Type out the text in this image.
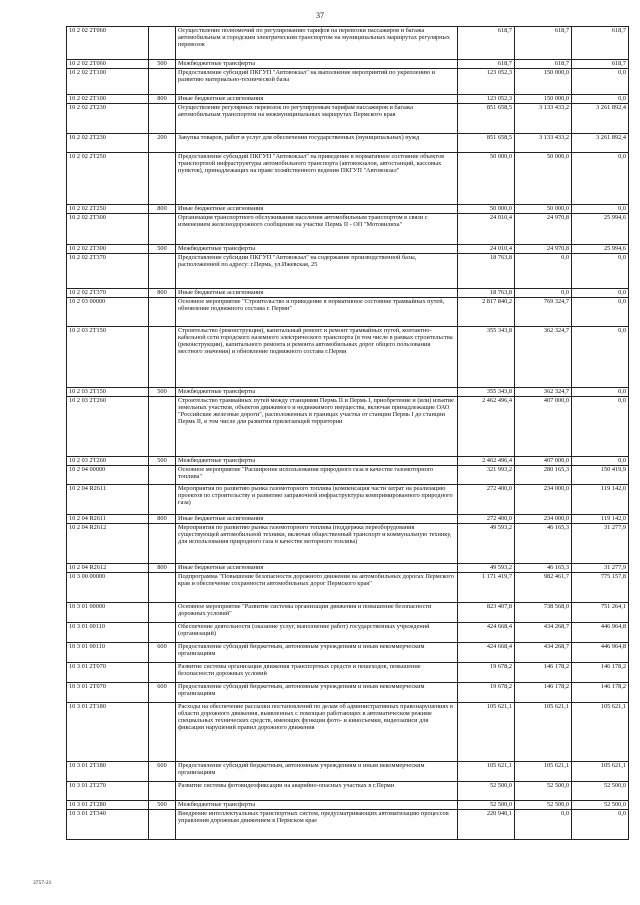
37
10 2 02 2T060		Осуществление полномочий по регулированию тарифов на перевозки пассажиров и багажа автомобильным и городским электрическим транспортом на муниципальных маршрутах регулярных перевозок	618,7	618,7	618,7
10 2 02 2T060	500	Межбюджетные трансферты	618,7	618,7	618,7
10 2 02 2T100		Предоставление субсидий ПКГУП "Автовокзал" на выполнение мероприятий по укреплению и развитию материально-технической базы	123 052,3	150 000,0	0,0
10 2 02 2T100	800	Иные бюджетные ассигнования	123 052,3	150 000,0	0,0
10 2 02 2T230		Осуществление регулярных перевозок по регулируемым тарифам пассажиров и багажа автомобильным транспортом на межмуниципальных маршрутах Пермского края	851 658,5	3 133 433,2	3 261 892,4
10 2 02 2T230	200	Закупка товаров, работ и услуг для обеспечения государственных (муниципальных) нужд	851 658,5	3 133 433,2	3 261 892,4
10 2 02 2T250		Предоставление субсидий ПКГУП "Автовокзал" на приведение в нормативное состояние объектов транспортной инфраструктуры автомобильного транспорта (автовокзалов, автостанций, кассовых пунктов), принадлежащих на праве хозяйственного ведения ПКГУП "Автовокзал"	50 000,0	50 000,0	0,0
10 2 02 2T250	800	Иные бюджетные ассигнования	50 000,0	50 000,0	0,0
10 2 02 2T300		Организация транспортного обслуживания населения автомобильным транспортом в связи с изменением железнодорожного сообщения на участке Пермь II - ОП "Мотовилиха"	24 010,4	24 970,8	25 994,6
10 2 02 2T300	500	Межбюджетные трансферты	24 010,4	24 970,8	25 994,6
10 2 02 2T370		Предоставление субсидии ПКГУП "Автовокзал" на содержание производственной базы, расположенной по адресу: г.Пермь, ул.Ижевская, 25	18 763,8	0,0	0,0
10 2 02 2T370	800	Иные бюджетные ассигнования	18 763,8	0,0	0,0
10 2 03 00000		Основное мероприятие "Строительство и приведение в нормативное состояние трамвайных путей, обновление подвижного состава г. Перми"	2 817 840,2	769 324,7	0,0
10 2 03 2T150		Строительство (реконструкция), капитальный ремонт и ремонт трамвайных путей, контактно-кабельной сети городского наземного электрического транспорта (в том числе в рамках строительства (реконструкции), капитального ремонта и ремонта автомобильных дорог общего пользования местного значения) и обновление подвижного состава г.Перми	355 343,8	362 324,7	0,0
10 2 03 2T150	500	Межбюджетные трансферты	355 343,8	362 324,7	0,0
10 2 03 2T260		Строительство трамвайных путей между станциями Пермь II и Пермь I, приобретение и (или) изъятие земельных участков, объектов движимого и недвижимого имущества, включая принадлежащие ОАО "Российские железные дороги", расположенных в границах участка от станции Пермь I до станции Пермь II, в том числе для развития прилегающей территории	2 462 496,4	407 000,0	0,0
10 2 03 2T260	500	Межбюджетные трансферты	2 462 496,4	407 000,0	0,0
10 2 04 00000		Основное мероприятие "Расширение использования природного газа в качестве газомоторного топлива"	321 993,2	280 165,3	150 419,9
10 2 04 R2611		Мероприятия по развитию рынка газомоторного топлива (компенсация части затрат на реализацию проектов по строительству и развитию заправочной инфраструктуры компримированного природного газа)	272 400,0	234 000,0	119 142,0
10 2 04 R2611	800	Иные бюджетные ассигнования	272 400,0	234 000,0	119 142,0
10 2 04 R2612		Мероприятия по развитию рынка газомоторного топлива (поддержка переоборудования существующей автомобильной техники, включая общественный транспорт и коммунальную технику, для использования природного газа в качестве моторного топлива)	49 593,2	46 165,3	31 277,9
10 2 04 R2612	800	Иные бюджетные ассигнования	49 593,2	46 165,3	31 277,9
10 3 00 00000		Подпрограмма "Повышение безопасности дорожного движения на автомобильных дорогах Пермского края и обеспечение сохранности автомобильных дорог Пермского края"	1 171 419,7	982 461,7	775 157,8
10 3 01 00000		Основное мероприятие "Развитие системы организации движения и повышение безопасности дорожных условий"	823 407,8	738 568,0	751 264,1
10 3 01 00110		Обеспечение деятельности (оказание услуг, выполнение работ) государственных учреждений (организаций)	424 668,4	434 268,7	446 964,8
10 3 01 00110	600	Предоставление субсидий бюджетным, автономным учреждениям и иным некоммерческим организациям	424 668,4	434 268,7	446 964,8
10 3 01 2T070		Развитие системы организации движения транспортных средств и пешеходов, повышение безопасности дорожных условий	19 678,2	146 178,2	146 178,2
10 3 01 2T070	600	Предоставление субсидий бюджетным, автономным учреждениям и иным некоммерческим организациям	19 678,2	146 178,2	146 178,2
10 3 01 2T180		Расходы на обеспечение рассылки постановлений по делам об административных правонарушениях в области дорожного движения, выявленных с помощью работающих в автоматическом режиме специальных технических средств, имеющих функции фото- и киносъемки, видеозаписи для фиксации нарушений правил дорожного движения	105 621,1	105 621,1	105 621,1
10 3 01 2T180	600	Предоставление субсидий бюджетным, автономным учреждениям и иным некоммерческим организациям	105 621,1	105 621,1	105 621,1
10 3 01 2T270		Развитие системы фотовидеофиксации на аварийно-опасных участках в г.Перми	52 500,0	52 500,0	52 500,0
10 3 01 2T280	500	Межбюджетные трансферты	52 500,0	52 500,0	52 500,0
10 3 01 2T340		Внедрение интеллектуальных транспортных систем, предусматривающих автоматизацию процессов управления дорожным движением в Пермском крае	220 940,1	0,0	0,0
3757-21
